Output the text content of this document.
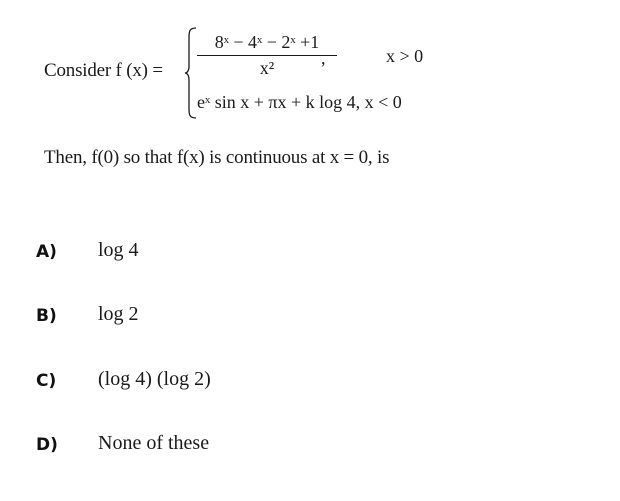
Consider f $(x) = \frac{\text{8ˣ − 4ˣ − 2ˣ +1}}{\text{x²}}$
,	x > 0
eˣ sin x + πx + k log 4, x < 0
Then, f(0) so that f(x) is continuous at x = 0, is
A) log 4
B) log 2
C) (log 4) (log 2)
D) None of these
